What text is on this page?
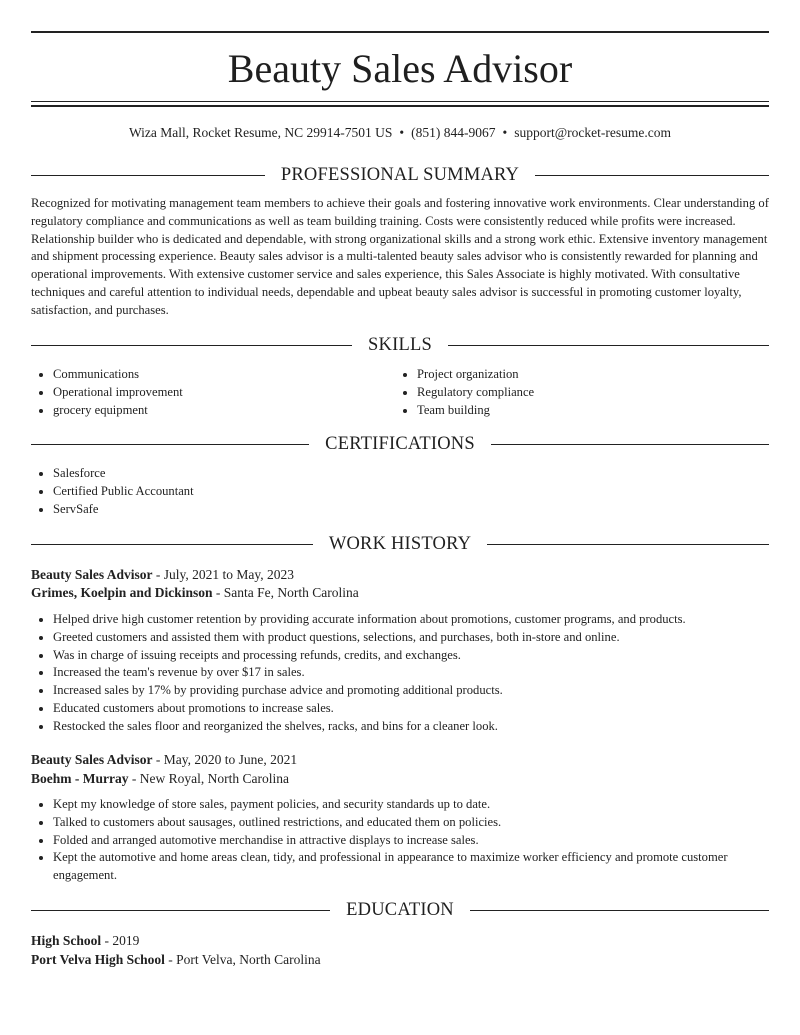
Beauty Sales Advisor
Wiza Mall, Rocket Resume, NC 29914-7501 US • (851) 844-9067 • support@rocket-resume.com
PROFESSIONAL SUMMARY

Recognized for motivating management team members to achieve their goals and fostering innovative work environments. Clear understanding of regulatory compliance and communications as well as team building training. Costs were consistently reduced while profits were increased. Relationship builder who is dedicated and dependable, with strong organizational skills and a strong work ethic. Extensive inventory management and shipment processing experience. Beauty sales advisor is a multi-talented beauty sales advisor who is consistently rewarded for planning and operational improvements. With extensive customer service and sales experience, this Sales Associate is highly motivated. With consultative techniques and careful attention to individual needs, dependable and upbeat beauty sales advisor is successful in promoting customer loyalty, satisfaction, and purchases.

SKILLS
• Communications
• Operational improvement
• grocery equipment
• Project organization
• Regulatory compliance
• Team building
CERTIFICATIONS
• Salesforce
• Certified Public Accountant
• ServSafe
WORK HISTORY
Beauty Sales Advisor - July, 2021 to May, 2023
Grimes, Koelpin and Dickinson - Santa Fe, North Carolina
• Helped drive high customer retention by providing accurate information about promotions, customer programs, and products.
• Greeted customers and assisted them with product questions, selections, and purchases, both in-store and online.
• Was in charge of issuing receipts and processing refunds, credits, and exchanges.
• Increased the team's revenue by over $17 in sales.
• Increased sales by 17% by providing purchase advice and promoting additional products.
• Educated customers about promotions to increase sales.
• Restocked the sales floor and reorganized the shelves, racks, and bins for a cleaner look.
Beauty Sales Advisor - May, 2020 to June, 2021
Boehm - Murray - New Royal, North Carolina
• Kept my knowledge of store sales, payment policies, and security standards up to date.
• Talked to customers about sausages, outlined restrictions, and educated them on policies.
• Folded and arranged automotive merchandise in attractive displays to increase sales.
• Kept the automotive and home areas clean, tidy, and professional in appearance to maximize worker efficiency and promote customer engagement.
EDUCATION
High School - 2019
Port Velva High School - Port Velva, North Carolina
